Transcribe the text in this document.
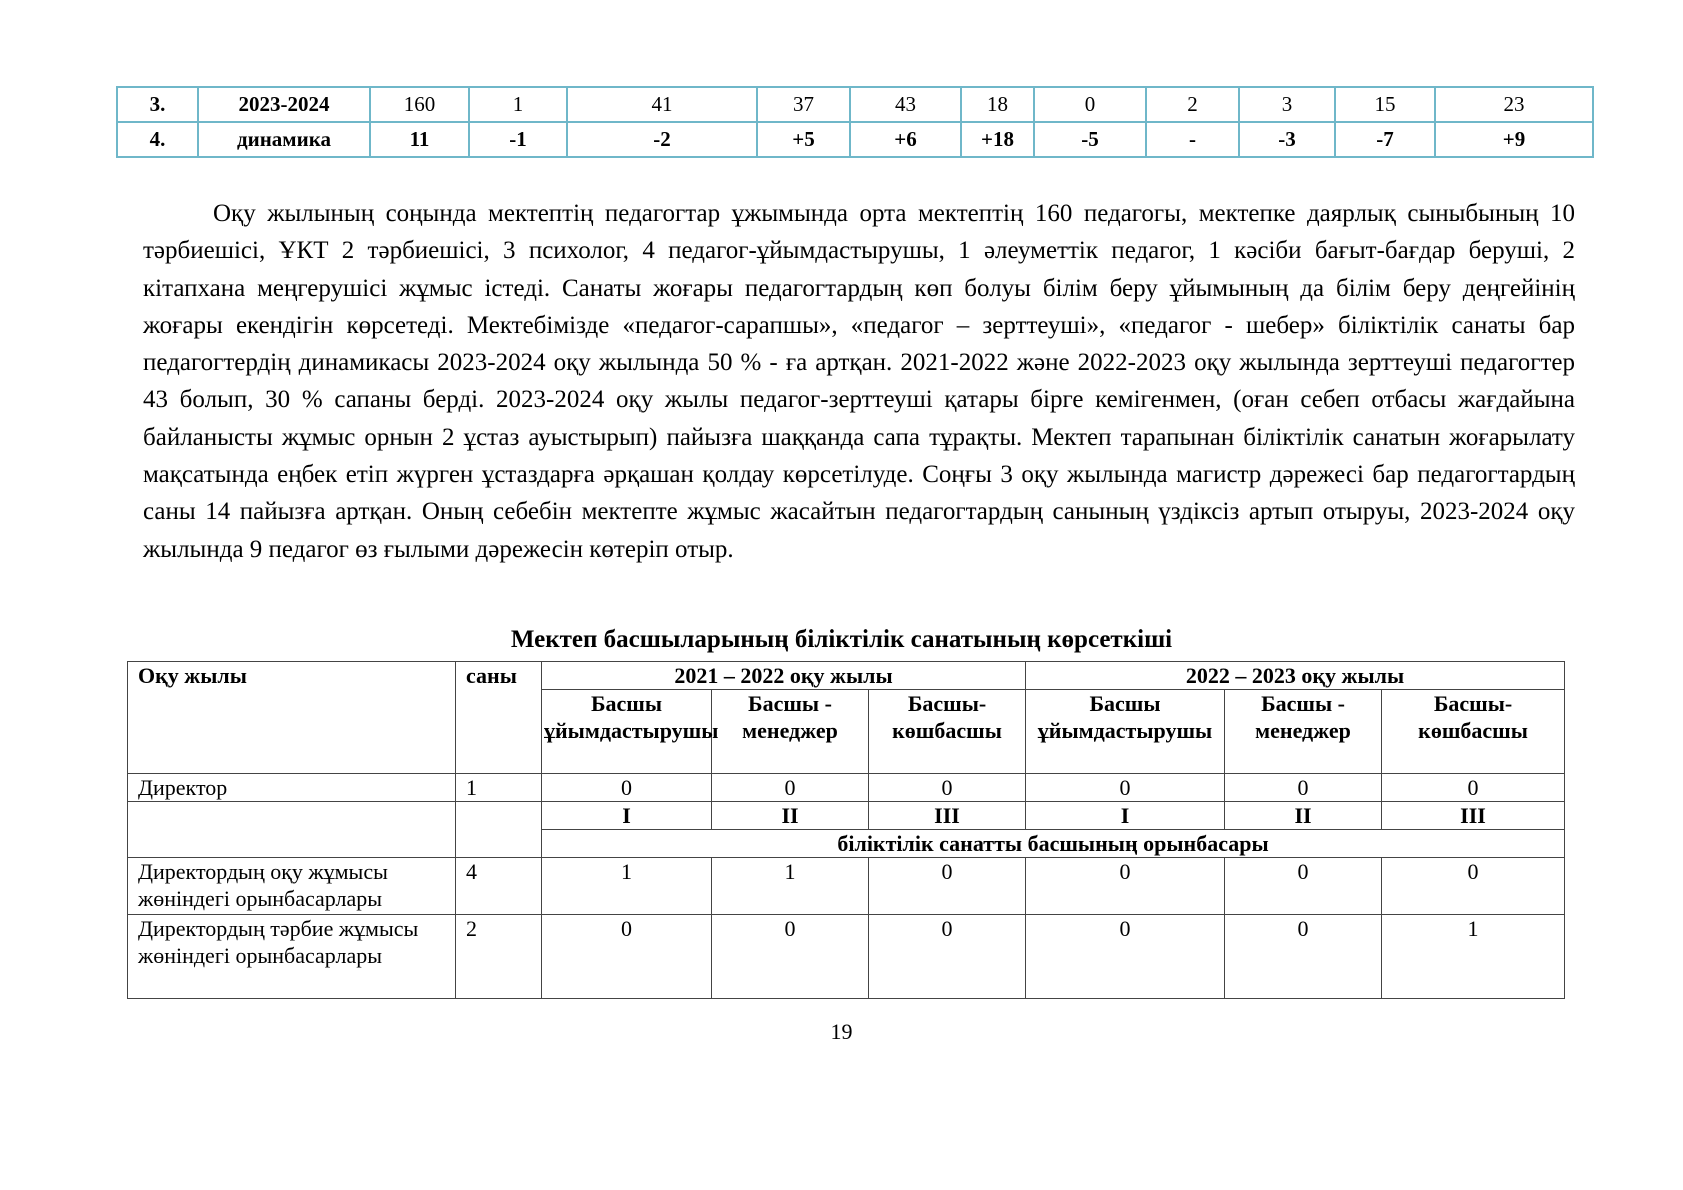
3.	2023-2024	160	1	41	37	43	18	0	2	3	15	23
4.	динамика	11	-1	-2	+5	+6	+18	-5	-	-3	-7	+9

Оқу жылының соңында мектептің педагогтар ұжымында орта мектептің 160 педагогы, мектепке даярлық сыныбының 10 тәрбиешісі, ҰКТ 2 тәрбиешісі, 3 психолог, 4 педагог-ұйымдастырушы, 1 әлеуметтік педагог, 1 кәсіби бағыт-бағдар беруші, 2 кітапхана меңгерушісі жұмыс істеді. Санаты жоғары педагогтардың көп болуы білім беру ұйымының да білім беру деңгейінің жоғары екендігін көрсетеді. Мектебімізде «педагог-сарапшы», «педагог – зерттеуші», «педагог - шебер» біліктілік санаты бар педагогтердің динамикасы 2023-2024 оқу жылында 50 % - ға артқан. 2021-2022 және 2022-2023 оқу жылында зерттеуші педагогтер 43 болып, 30 % сапаны берді. 2023-2024 оқу жылы педагог-зерттеуші қатары бірге кемігенмен, (оған себеп отбасы жағдайына байланысты жұмыс орнын 2 ұстаз ауыстырып) пайызға шаққанда сапа тұрақты. Мектеп тарапынан біліктілік санатын жоғарылату мақсатында еңбек етіп жүрген ұстаздарға әрқашан қолдау көрсетілуде. Соңғы 3 оқу жылында магистр дәрежесі бар педагогтардың саны 14 пайызға артқан. Оның себебін мектепте жұмыс жасайтын педагогтардың санының үздіксіз артып отыруы, 2023-2024 оқу жылында 9 педагог өз ғылыми дәрежесін көтеріп отыр.

Мектеп басшыларының біліктілік санатының көрсеткіші
Оқу жылы	саны	2021 – 2022 оқу жылы			2022 – 2023 оқу жылы		
		Басшы ұйымдастырушы	Басшы - менеджер	Басшы-көшбасшы	Басшы ұйымдастырушы	Басшы - менеджер	Басшы-көшбасшы
Директор	1	0	0	0	0	0	0
		I	II	III	I	II	III
		біліктілік санатты басшының орынбасары					
Директордың оқу жұмысы жөніндегі орынбасарлары	4	1	1	0	0	0	0
Директордың тәрбие жұмысы жөніндегі орынбасарлары	2	0	0	0	0	0	1
19
